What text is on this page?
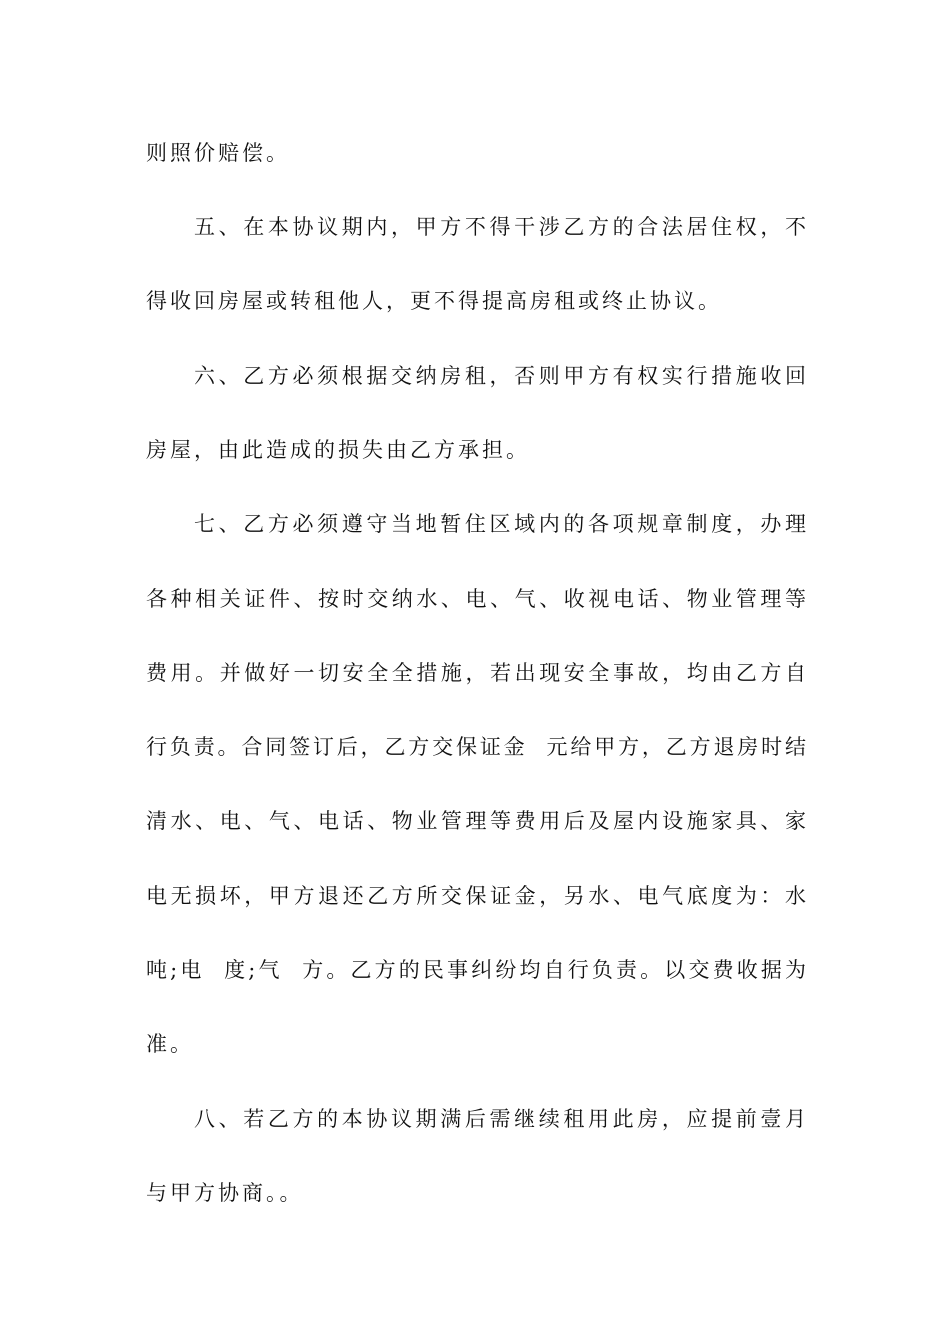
则照价赔偿。
五、在本协议期内，甲方不得干涉乙方的合法居住权，不
得收回房屋或转租他人，更不得提高房租或终止协议。
六、乙方必须根据交纳房租，否则甲方有权实行措施收回
房屋，由此造成的损失由乙方承担。
七、乙方必须遵守当地暂住区域内的各项规章制度，办理
各种相关证件、按时交纳水、电、气、收视电话、物业管理等
费用。并做好一切安全全措施，若出现安全事故，均由乙方自
行负责。合同签订后，乙方交保证金  元给甲方，乙方退房时结
清水、电、气、电话、物业管理等费用后及屋内设施家具、家
电无损坏，甲方退还乙方所交保证金，另水、电气底度为：水
吨;电  度;气  方。乙方的民事纠纷均自行负责。以交费收据为
准。
八、若乙方的本协议期满后需继续租用此房，应提前壹月
与甲方协商。。
